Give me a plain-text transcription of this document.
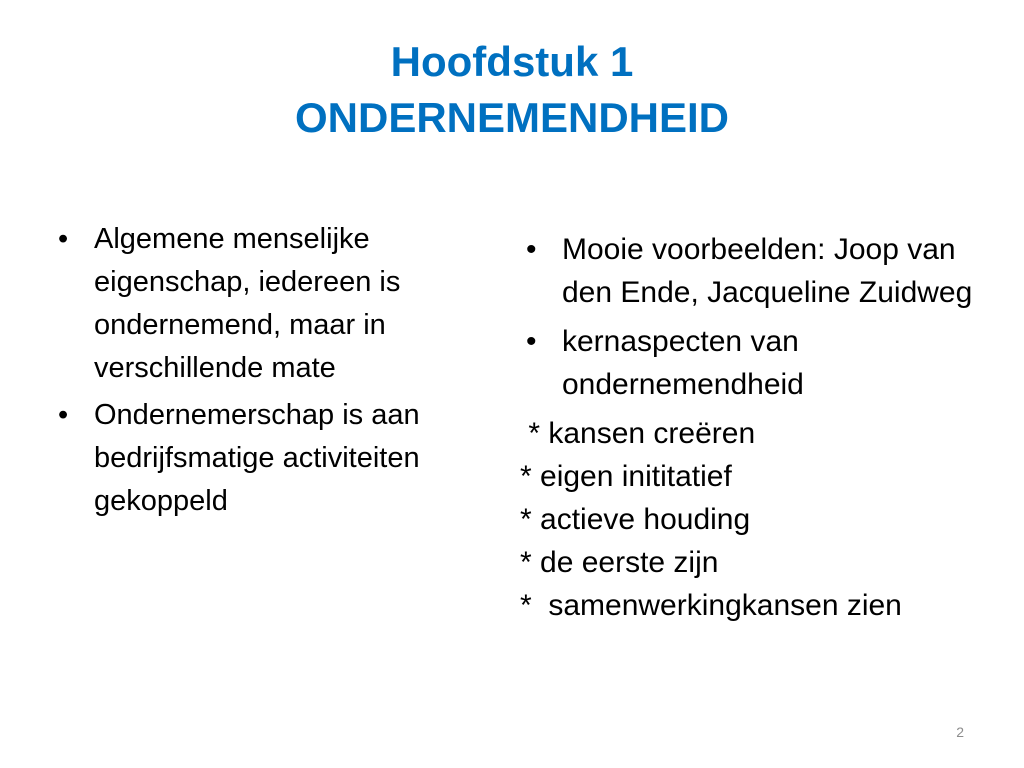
Hoofdstuk 1
ONDERNEMENDHEID
• Algemene menselijke eigenschap, iedereen is ondernemend, maar in verschillende mate
• Ondernemerschap is aan bedrijfsmatige activiteiten gekoppeld
• Mooie voorbeelden: Joop van den Ende, Jacqueline Zuidweg
• kernaspecten van ondernemendheid
* kansen creëren
* eigen inititatief
* actieve houding
* de eerste zijn
*  samenwerkingkansen zien
2
